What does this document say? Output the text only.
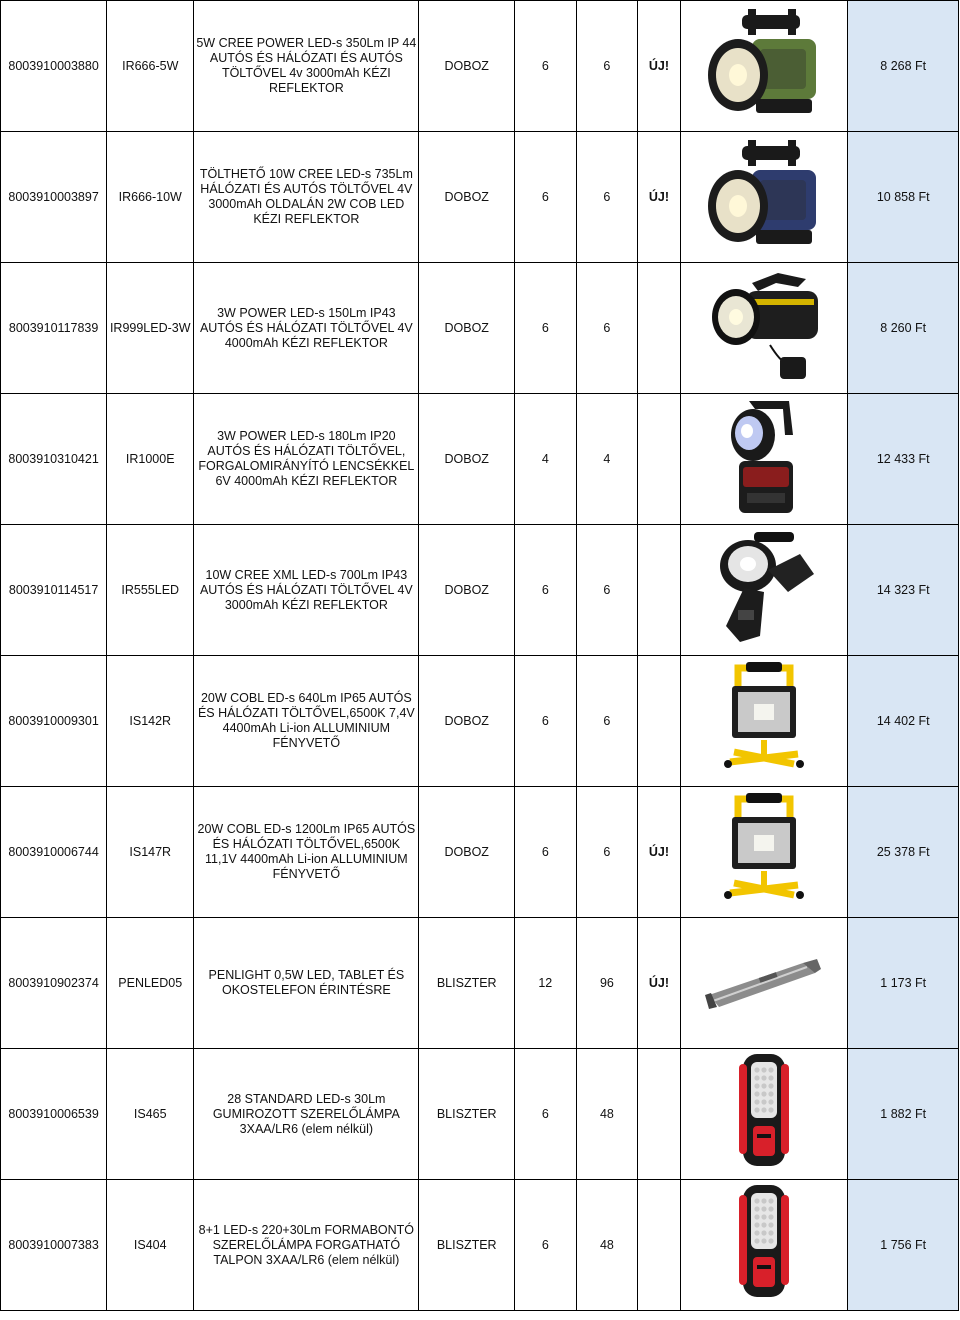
8003910003880	IR666-5W	5W CREE POWER LED-s 350Lm IP 44 AUTÓS ÉS HÁLÓZATI ÉS AUTÓS TÖLTŐVEL 4v 3000mAh KÉZI REFLEKTOR	DOBOZ	6	6	ÚJ!		8 268 Ft
8003910003897	IR666-10W	TÖLTHETŐ 10W CREE LED-s 735Lm HÁLÓZATI ÉS AUTÓS TÖLTŐVEL 4V 3000mAh OLDALÁN 2W COB LED KÉZI REFLEKTOR	DOBOZ	6	6	ÚJ!		10 858 Ft
8003910117839	IR999LED-3W	3W POWER LED-s 150Lm IP43 AUTÓS ÉS HÁLÓZATI TÖLTŐVEL 4V 4000mAh KÉZI REFLEKTOR	DOBOZ	6	6			8 260 Ft
8003910310421	IR1000E	3W POWER LED-s 180Lm IP20 AUTÓS ÉS HÁLÓZATI TÖLTŐVEL, FORGALOMIRÁNYÍTÓ LENCSÉKKEL 6V 4000mAh KÉZI REFLEKTOR	DOBOZ	4	4			12 433 Ft
8003910114517	IR555LED	10W CREE XML LED-s 700Lm IP43 AUTÓS ÉS HÁLÓZATI TÖLTŐVEL 4V 3000mAh KÉZI REFLEKTOR	DOBOZ	6	6			14 323 Ft
8003910009301	IS142R	20W COBL ED-s 640Lm IP65 AUTÓS ÉS HÁLÓZATI TÖLTŐVEL,6500K 7,4V 4400mAh Li-ion ALLUMINIUM FÉNYVETŐ	DOBOZ	6	6			14 402 Ft
8003910006744	IS147R	20W COBL ED-s 1200Lm IP65 AUTÓS ÉS HÁLÓZATI TÖLTŐVEL,6500K 11,1V 4400mAh Li-ion ALLUMINIUM FÉNYVETŐ	DOBOZ	6	6	ÚJ!		25 378 Ft
8003910902374	PENLED05	PENLIGHT 0,5W LED, TABLET ÉS OKOSTELEFON ÉRINTÉSRE	BLISZTER	12	96	ÚJ!		1 173 Ft
8003910006539	IS465	28 STANDARD LED-s 30Lm GUMIROZOTT SZERELŐLÁMPA 3XAA/LR6 (elem nélkül)	BLISZTER	6	48			1 882 Ft
8003910007383	IS404	8+1 LED-s 220+30Lm FORMABONTÓ SZERELŐLÁMPA FORGATHATÓ TALPON 3XAA/LR6 (elem nélkül)	BLISZTER	6	48			1 756 Ft
